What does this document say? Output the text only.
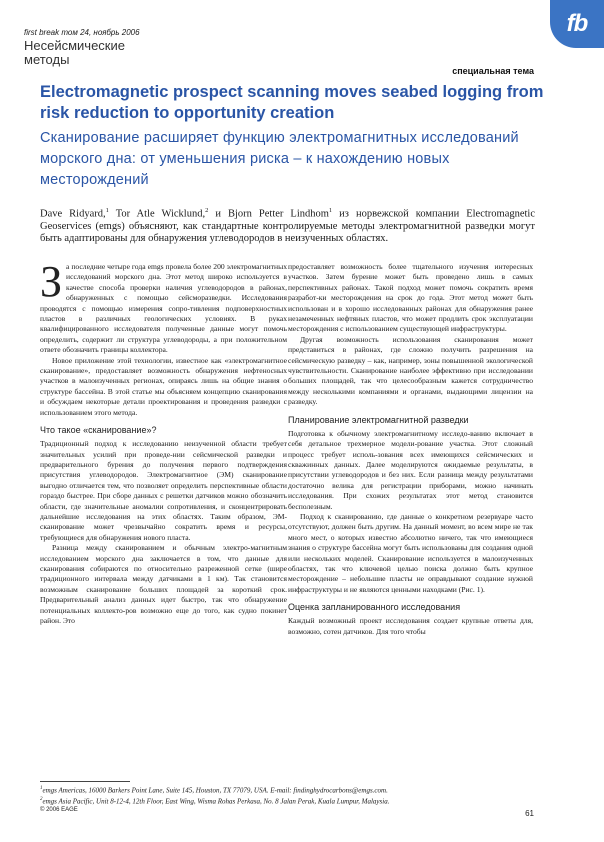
first break том 24, ноябрь 2006
Несейсмические методы
специальная тема
fb
Electromagnetic prospect scanning moves seabed logging from risk reduction to opportunity creation
Сканирование расширяет функцию электромагнитных исследований морского дна: от уменьшения риска – к нахождению новых месторождений
Dave Ridyard,$^1$ Tor Atle Wicklund,$^2$ и Bjorn Petter Lindhom$^1$ из норвежской компании Electromagnetic Geoservices (emgs) объясняют, как стандартные контролируемые методы электромагнитной разведки могут быть адаптированы для обнаружения углеводородов в неизученных областях.

За последние четыре года emgs провела более 200 электромагнитных исследований морского дна. Этот метод широко используется в качестве способа проверки наличия углеводородов в районах, обнаруженных с помощью сейсморазведки. Исследования проводятся с помощью измерения сопро-тивления подповерхностных пластов в различных геологических условиях. В руках квалифицированного исследователя полученные данные могут помочь определить, содержит ли структура углеводороды, а при положительном ответе обозначить границы коллектора.

Новое приложение этой технологии, известное как «электромагнитное сканирование», предоставляет возможность обнаружения нефтеносных участков в малоизученных регионах, опираясь лишь на общие знания о структуре бассейна. В этой статье мы объясняем концепцию сканирования и обсуждаем некоторые детали проектирования и проведения разведки с использованием этого метода.

Что такое «сканирование»?

Традиционный подход к исследованию неизученной области требует значительных усилий при проведе-нии сейсмической разведки и предварительного бурения до получения первого подтверждения присутствия углеводородов. Электромагнитное (ЭМ) сканирование выгодно отличается тем, что позволяет определить перспективные области гораздо быстрее. При сборе данных с решетки датчиков можно обозначить области, где значительные аномалии сопротивления, и сконцентрировать дальнейшие исследования на этих областях. Таким образом, ЭМ-сканирование может чрезвычайно сократить время и ресурсы, требующиеся для обнаружения нового пласта.

Разница между сканированием и обычным электро-магнитным исследованием морского дна заключается в том, что данные для сканирования собираются по относительно разреженной сетке (шире традиционного интервала между датчиками в 1 км). Так становится возможным сканирование больших площадей за короткий срок. Предварительный анализ данных идет быстро, так что обнаружение потенциальных коллекто-ров возможно еще до того, как судно покинет район. Это

предоставляет возможность более тщательного изучения интересных участков. Затем бурение может быть проведено лишь в самых перспективных районах. Такой подход может помочь сократить время разработ-ки месторождения на срок до года. Этот метод может быть использован и в хорошо исследованных районах для обнаружения ранее незамеченных нефтяных пластов, что может продлить срок эксплуатации месторождения с использованием существующей инфраструктуры.

Другая возможность использования сканирования может представиться в районах, где сложно получить разрешения на сейсмическую разведку – как, например, зоны повышенной экологической чувствительности. Сканирование наиболее эффективно при исследовании больших площадей, так что целесообразным кажется сотрудничество между несколькими компаниями и органами, выдающими лицензии на разведку.

Планирование электромагнитной разведки

Подготовка к обычному электромагнитному исследо-ванию включает в себя детальное трехмерное модели-рование участка. Этот сложный процесс требует исполь-зования всех имеющихся сейсмических и скважинных данных. Далее моделируются ожидаемые результаты, в присутствии углеводородов и без них. Если разница между результатами достаточно велика для регистрации приборами, можно начинать исследования. При схожих результатах этот метод становится бесполезным.

Подход к сканированию, где данные о конкретном резервуаре часто отсутствуют, должен быть другим. На данный момент, во всем мире не так много мест, о которых известно абсолютно ничего, так что имеющиеся знания о структуре бассейна могут быть использованы для создания одной или нескольких моделей. Сканирование используется в малоизученных областях, так что ключевой целью поиска должно быть крупное месторождение – небольшие пласты не оправдывают создание нужной инфраструктуры и не являются ценными находками (Рис. 1).

Оценка запланированного исследования

Каждый возможный проект исследования создает крупные ответы для, возможно, сотен датчиков. Для того чтобы

$^1$emgs Americas, 16000 Barkers Point Lane, Suite 145, Houston, TX 77079, USA. E-mail: findinghydrocarbons@emgs.com.
$^2$emgs Asia Pacific, Unit 8-12-4, 12th Floor, East Wing, Wisma Rohas Perkasa, No. 8 Jalan Perak, Kuala Lumpur, Malaysia.
© 2006 EAGE	61
